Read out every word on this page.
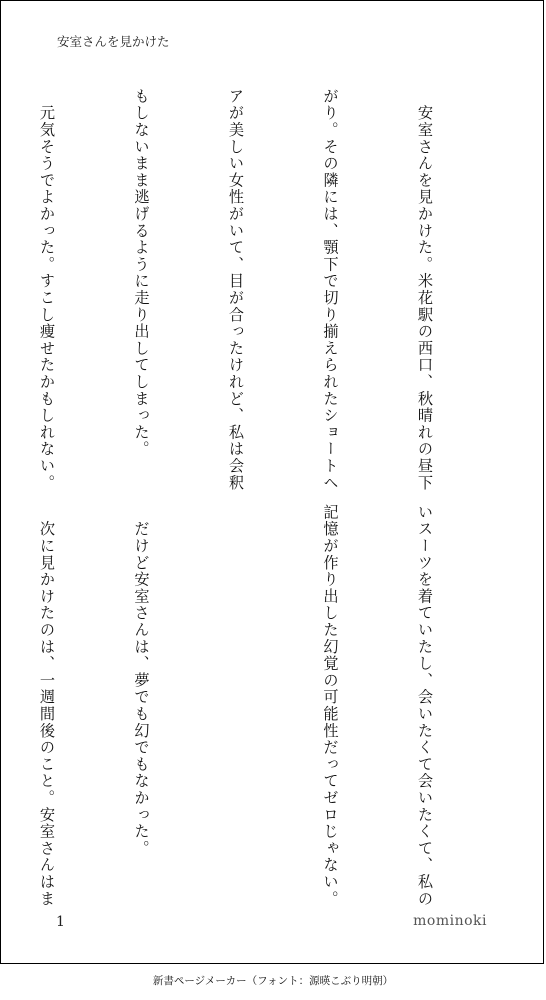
安室さんを見かけた

　安室さんを見かけた。米花駅の西口、秋晴れの昼下

がり。その隣には、顎下で切り揃えられたショートヘ

アが美しい女性がいて、目が合ったけれど、私は会釈

もしないまま逃げるように走り出してしまった。

　元気そうでよかった。すこし痩せたかもしれない。

いスーツを着ていたし、会いたくて会いたくて、私の

記憶が作り出した幻覚の可能性だってゼロじゃない。

　だけど安室さんは、夢でも幻でもなかった。

　次に見かけたのは、一週間後のこと。安室さんはま

1	mominoki
新書ページメーカー（フォント：源暎こぶり明朝）
